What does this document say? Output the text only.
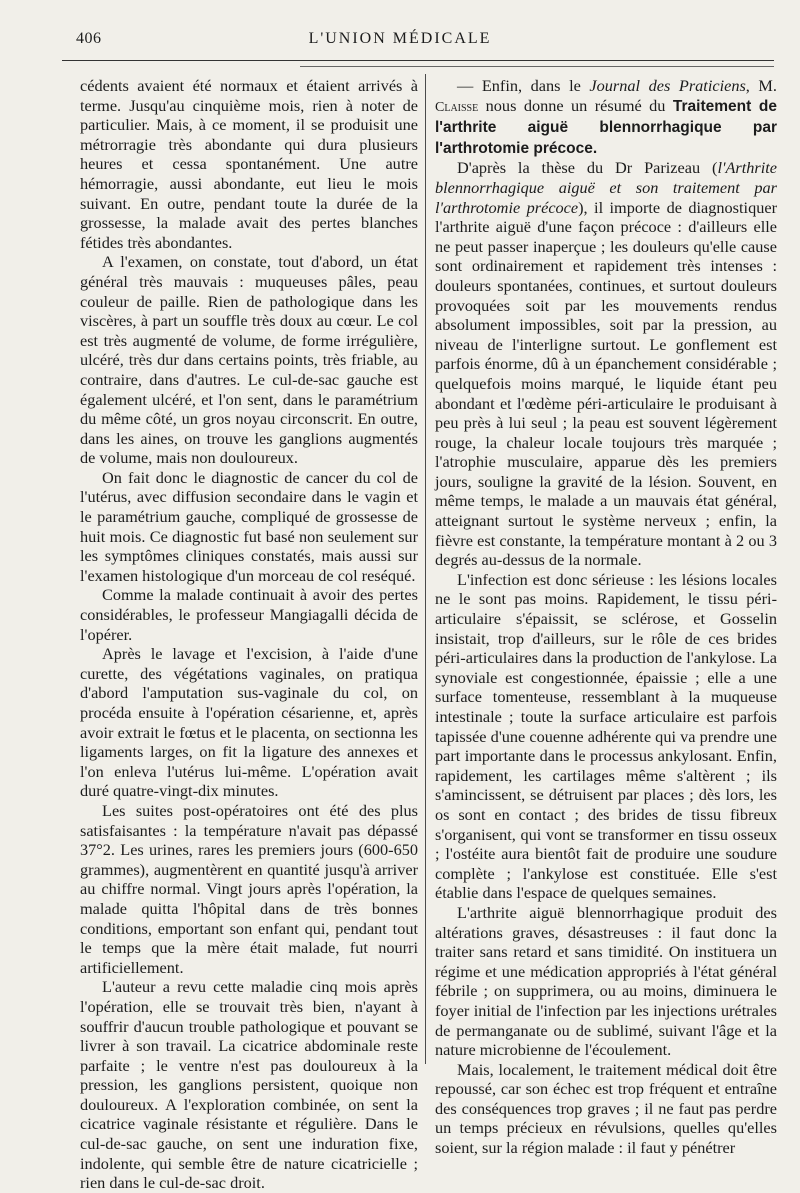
406	L'UNION MÉDICALE

cédents avaient été normaux et étaient arrivés à terme. Jusqu'au cinquième mois, rien à noter de particulier. Mais, à ce moment, il se produisit une métrorragie très abondante qui dura plusieurs heures et cessa spontanément. Une autre hémorragie, aussi abondante, eut lieu le mois suivant. En outre, pendant toute la durée de la grossesse, la malade avait des pertes blanches fétides très abondantes.

A l'examen, on constate, tout d'abord, un état général très mauvais : muqueuses pâles, peau couleur de paille. Rien de pathologique dans les viscères, à part un souffle très doux au cœur. Le col est très augmenté de volume, de forme irrégulière, ulcéré, très dur dans certains points, très friable, au contraire, dans d'autres. Le cul-de-sac gauche est également ulcéré, et l'on sent, dans le paramétrium du même côté, un gros noyau circonscrit. En outre, dans les aines, on trouve les ganglions augmentés de volume, mais non douloureux.

On fait donc le diagnostic de cancer du col de l'utérus, avec diffusion secondaire dans le vagin et le paramétrium gauche, compliqué de grossesse de huit mois. Ce diagnostic fut basé non seulement sur les symptômes cliniques constatés, mais aussi sur l'examen histologique d'un morceau de col reséqué.

Comme la malade continuait à avoir des pertes considérables, le professeur Mangiagalli décida de l'opérer.

Après le lavage et l'excision, à l'aide d'une curette, des végétations vaginales, on pratiqua d'abord l'amputation sus-vaginale du col, on procéda ensuite à l'opération césarienne, et, après avoir extrait le fœtus et le placenta, on sectionna les ligaments larges, on fit la ligature des annexes et l'on enleva l'utérus lui-même. L'opération avait duré quatre-vingt-dix minutes.

Les suites post-opératoires ont été des plus satisfaisantes : la température n'avait pas dépassé 37°2. Les urines, rares les premiers jours (600-650 grammes), augmentèrent en quantité jusqu'à arriver au chiffre normal. Vingt jours après l'opération, la malade quitta l'hôpital dans de très bonnes conditions, emportant son enfant qui, pendant tout le temps que la mère était malade, fut nourri artificiellement.

L'auteur a revu cette maladie cinq mois après l'opération, elle se trouvait très bien, n'ayant à souffrir d'aucun trouble pathologique et pouvant se livrer à son travail. La cicatrice abdominale reste parfaite ; le ventre n'est pas douloureux à la pression, les ganglions persistent, quoique non douloureux. A l'exploration combinée, on sent la cicatrice vaginale résistante et régulière. Dans le cul-de-sac gauche, on sent une induration fixe, indolente, qui semble être de nature cicatricielle ; rien dans le cul-de-sac droit.

— Enfin, dans le Journal des Praticiens, M. Claisse nous donne un résumé du Traitement de l'arthrite aiguë blennorrhagique par l'arthrotomie précoce.

D'après la thèse du Dr Parizeau (l'Arthrite blennorrhagique aiguë et son traitement par l'arthrotomie précoce), il importe de diagnostiquer l'arthrite aiguë d'une façon précoce : d'ailleurs elle ne peut passer inaperçue ; les douleurs qu'elle cause sont ordinairement et rapidement très intenses : douleurs spontanées, continues, et surtout douleurs provoquées soit par les mouvements rendus absolument impossibles, soit par la pression, au niveau de l'interligne surtout. Le gonflement est parfois énorme, dû à un épanchement considérable ; quelquefois moins marqué, le liquide étant peu abondant et l'œdème péri-articulaire le produisant à peu près à lui seul ; la peau est souvent légèrement rouge, la chaleur locale toujours très marquée ; l'atrophie musculaire, apparue dès les premiers jours, souligne la gravité de la lésion. Souvent, en même temps, le malade a un mauvais état général, atteignant surtout le système nerveux ; enfin, la fièvre est constante, la température montant à 2 ou 3 degrés au-dessus de la normale.

L'infection est donc sérieuse : les lésions locales ne le sont pas moins. Rapidement, le tissu péri-articulaire s'épaissit, se sclérose, et Gosselin insistait, trop d'ailleurs, sur le rôle de ces brides péri-articulaires dans la production de l'ankylose. La synoviale est congestionnée, épaissie ; elle a une surface tomenteuse, ressemblant à la muqueuse intestinale ; toute la surface articulaire est parfois tapissée d'une couenne adhérente qui va prendre une part importante dans le processus ankylosant. Enfin, rapidement, les cartilages même s'altèrent ; ils s'amincissent, se détruisent par places ; dès lors, les os sont en contact ; des brides de tissu fibreux s'organisent, qui vont se transformer en tissu osseux ; l'ostéite aura bientôt fait de produire une soudure complète ; l'ankylose est constituée. Elle s'est établie dans l'espace de quelques semaines.

L'arthrite aiguë blennorrhagique produit des altérations graves, désastreuses : il faut donc la traiter sans retard et sans timidité. On instituera un régime et une médication appropriés à l'état général fébrile ; on supprimera, ou au moins, diminuera le foyer initial de l'infection par les injections urétrales de permanganate ou de sublimé, suivant l'âge et la nature microbienne de l'écoulement.

Mais, localement, le traitement médical doit être repoussé, car son échec est trop fréquent et entraîne des conséquences trop graves ; il ne faut pas perdre un temps précieux en révulsions, quelles qu'elles soient, sur la région malade : il faut y pénétrer
